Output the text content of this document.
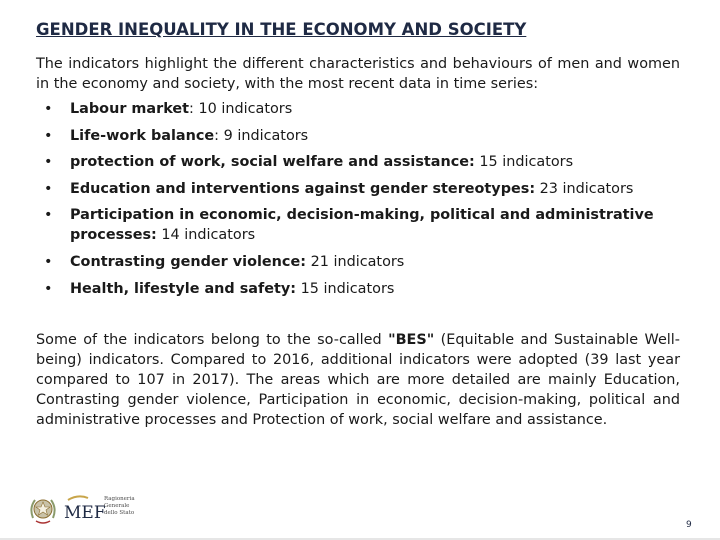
GENDER INEQUALITY IN THE ECONOMY AND SOCIETY

The indicators highlight the different characteristics and behaviours of men and women in the economy and society, with the most recent data in time series:

• Labour market: 10 indicators
• Life-work balance: 9 indicators
• protection of work, social welfare and assistance: 15 indicators
• Education and interventions against gender stereotypes: 23 indicators
• Participation in economic, decision-making, political and administrative processes: 14 indicators
• Contrasting gender violence: 21 indicators
• Health, lifestyle and safety: 15 indicators

Some of the indicators belong to the so-called "BES" (Equitable and Sustainable Well-being) indicators. Compared to 2016, additional indicators were adopted (39 last year compared to 107 in 2017). The areas which are more detailed are mainly Education, Contrasting gender violence, Participation in economic, decision-making, political and administrative processes and Protection of work, social welfare and assistance.

MEF
Ragioneria
Generale
dello Stato
9
